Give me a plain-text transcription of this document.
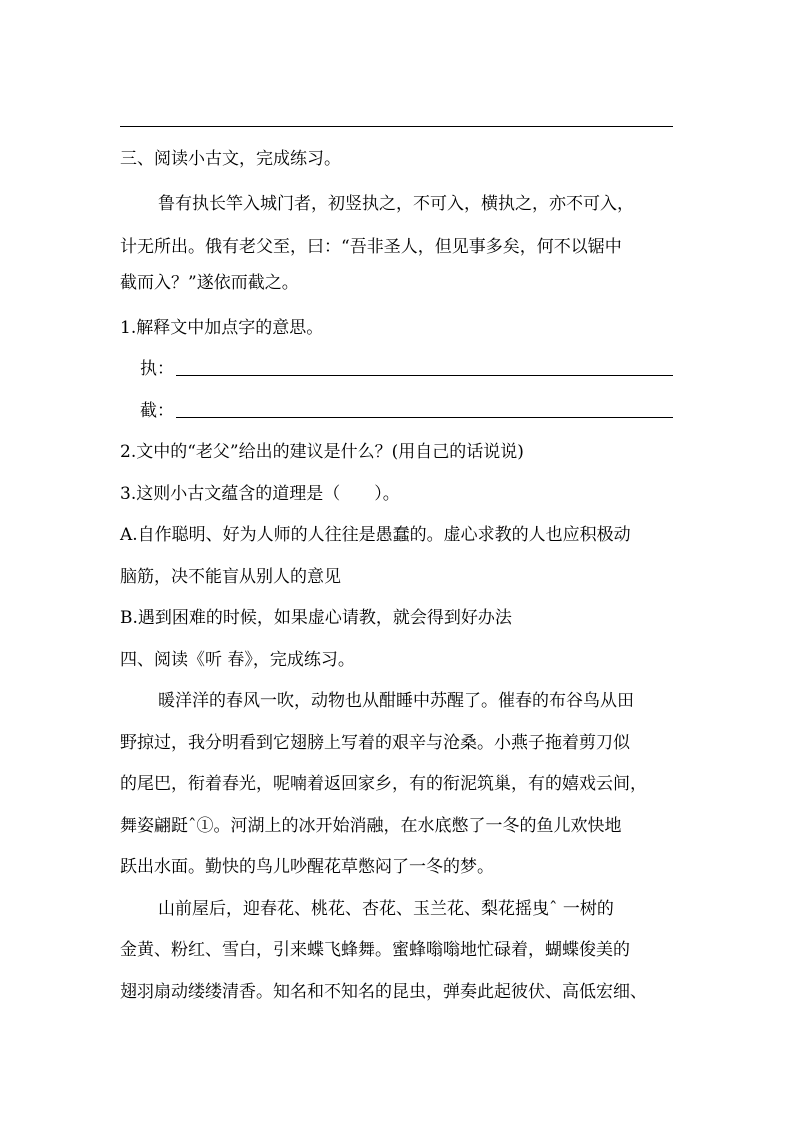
三、阅读小古文，完成练习。
鲁有执长竿入城门者，初竖执之，不可入，横执之，亦不可入，
计无所出。俄有老父至，曰：“吾非圣人，但见事多矣，何不以锯中
截而入？”遂依而截之。
1.解释文中加点字的意思。
执：
截：
2.文中的“老父”给出的建议是什么？(用自己的话说说)
3.这则小古文蕴含的道理是（　　）。
A.自作聪明、好为人师的人往往是愚蠢的。虚心求教的人也应积极动
脑筋，决不能盲从别人的意见
B.遇到困难的时候，如果虚心请教，就会得到好办法
四、阅读《听 春》，完成练习。
暖洋洋的春风一吹，动物也从酣睡中苏醒了。催春的布谷鸟从田
野掠过，我分明看到它翅膀上写着的艰辛与沧桑。小燕子拖着剪刀似
的尾巴，衔着春光，呢喃着返回家乡，有的衔泥筑巢，有的嬉戏云间，
舞姿翩跹ˆ①。河湖上的冰开始消融，在水底憋了一冬的鱼儿欢快地
跃出水面。勤快的鸟儿吵醒花草憋闷了一冬的梦。
山前屋后，迎春花、桃花、杏花、玉兰花、梨花摇曳ˆ 一树的
金黄、粉红、雪白，引来蝶飞蜂舞。蜜蜂嗡嗡地忙碌着，蝴蝶俊美的
翅羽扇动缕缕清香。知名和不知名的昆虫，弹奏此起彼伏、高低宏细、
